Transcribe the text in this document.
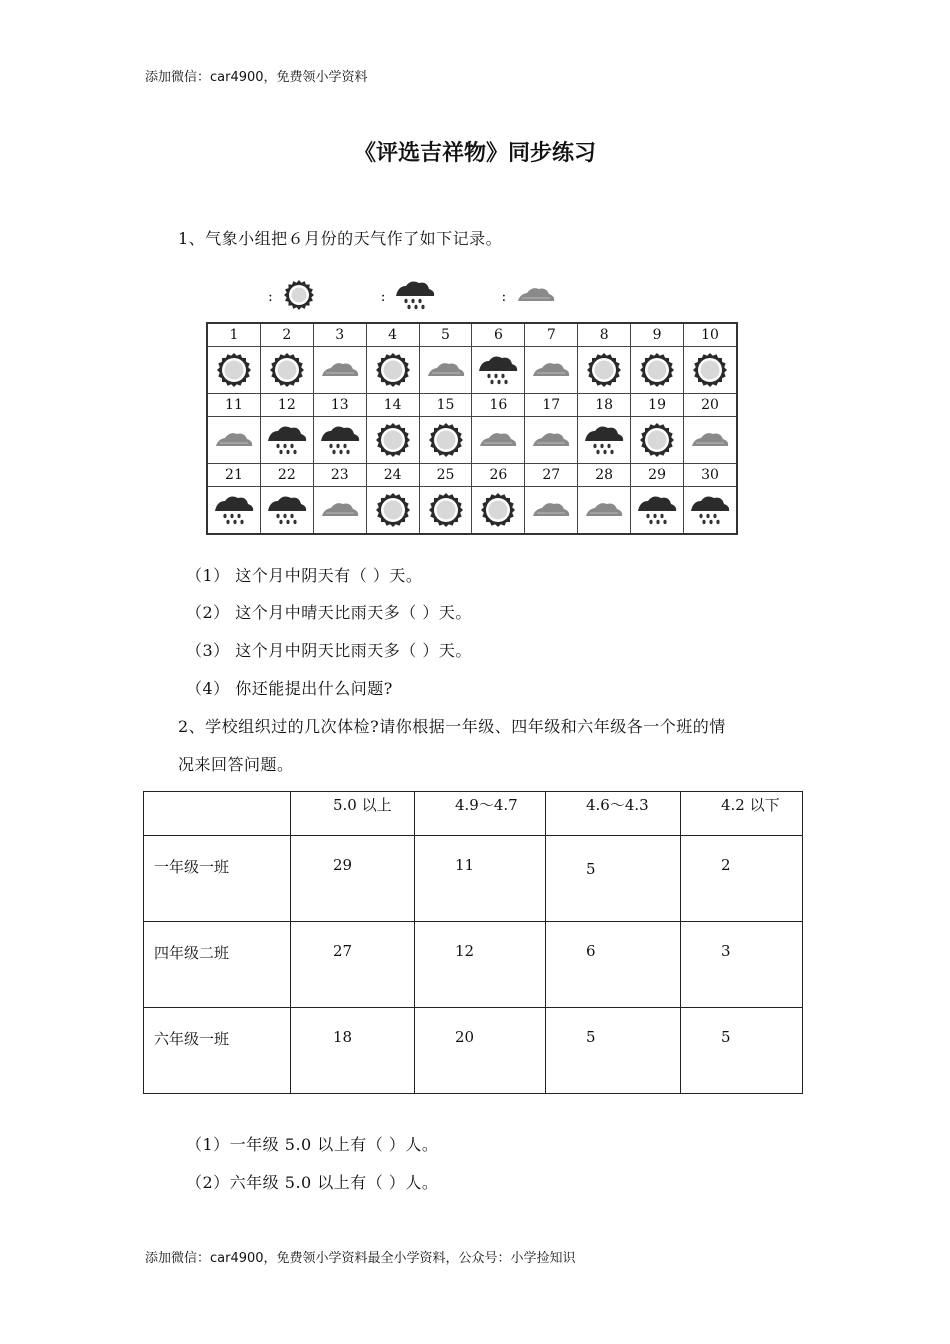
添加微信：car4900，免费领小学资料
《评选吉祥物》同步练习
1、气象小组把６月份的天气作了如下记录。
:	:	:
1	2	3	4	5	6	7	8	9	10

11	12	13	14	15	16	17	18	19	20

21	22	23	24	25	26	27	28	29	30

（1） 这个月中阴天有（ ）天。
（2） 这个月中晴天比雨天多（ ）天。
（3） 这个月中阴天比雨天多（ ）天。
（4） 你还能提出什么问题?
2、学校组织过的几次体检?请你根据一年级、四年级和六年级各一个班的情
况来回答问题。

	5.0 以上	4.9～4.7	4.6～4.3	4.2 以下

一年级一班	29	11	5	2

四年级二班	27	12	6	3

六年级一班	18	20	5	5
（1）一年级 5.0 以上有（ ）人。
（2）六年级 5.0 以上有（ ）人。
添加微信：car4900，免费领小学资料最全小学资料，公众号：小学捡知识
